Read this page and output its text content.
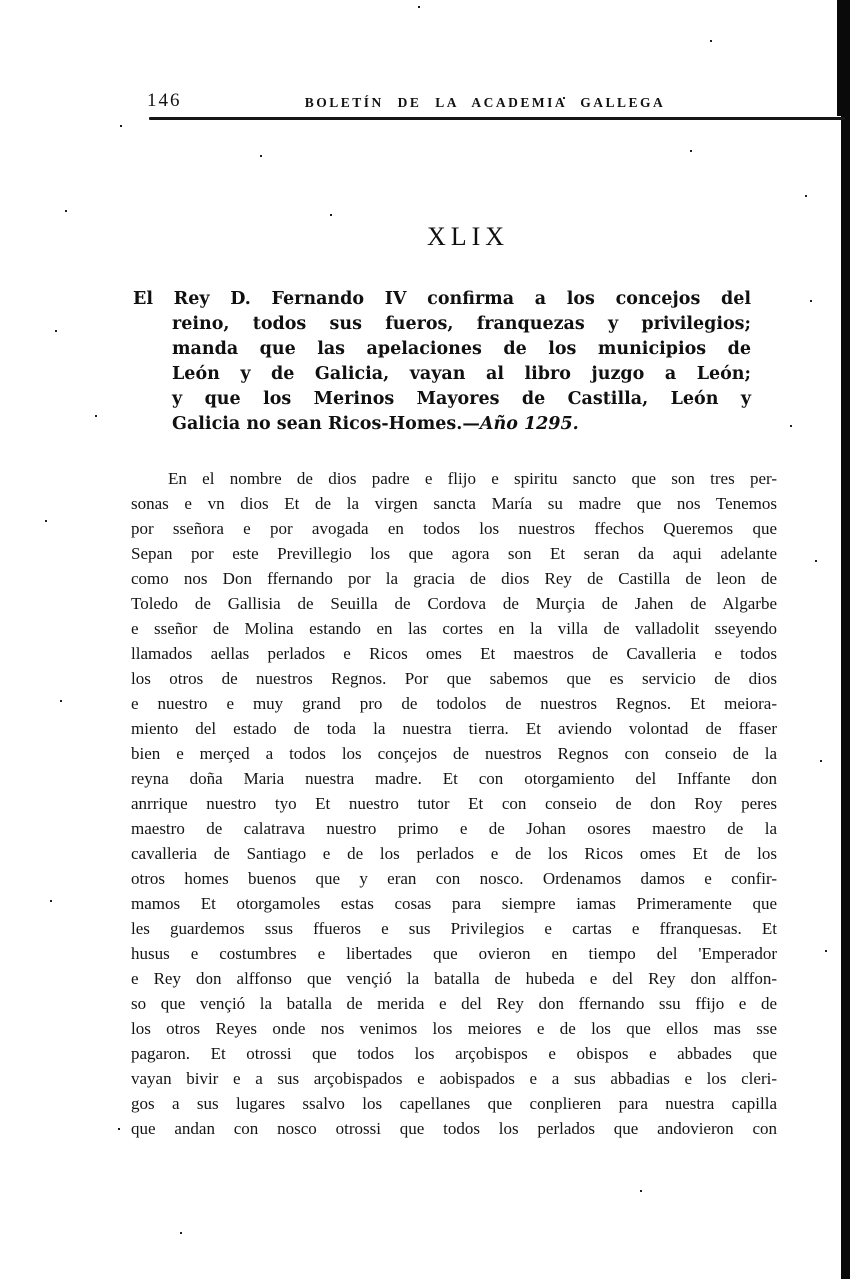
146	BOLETÍN DE LA ACADEMIA GALLEGA
XLIX
El Rey D. Fernando IV confirma a los concejos del
reino, todos sus fueros, franquezas y privilegios;
manda que las apelaciones de los municipios de
León y de Galicia, vayan al libro juzgo a León;
y que los Merinos Mayores de Castilla, León y
Galicia no sean Ricos-Homes.—Año 1295.
En el nombre de dios padre e flijo e spiritu sancto que son tres per-
sonas e vn dios Et de la virgen sancta María su madre que nos Tenemos
por sseñora e por avogada en todos los nuestros ffechos Queremos que
Sepan por este Previllegio los que agora son Et seran da aqui adelante
como nos Don ffernando por la gracia de dios Rey de Castilla de leon de
Toledo de Gallisia de Seuilla de Cordova de Murçia de Jahen de Algarbe
e sseñor de Molina estando en las cortes en la villa de valladolit sseyendo
llamados aellas perlados e Ricos omes Et maestros de Cavalleria e todos
los otros de nuestros Regnos. Por que sabemos que es servicio de dios
e nuestro e muy grand pro de todolos de nuestros Regnos. Et meiora-
miento del estado de toda la nuestra tierra. Et aviendo volontad de ffaser
bien e merçed a todos los conçejos de nuestros Regnos con conseio de la
reyna doña Maria nuestra madre. Et con otorgamiento del Inffante don
anrrique nuestro tyo Et nuestro tutor Et con conseio de don Roy peres
maestro de calatrava nuestro primo e de Johan osores maestro de la
cavalleria de Santiago e de los perlados e de los Ricos omes Et de los
otros homes buenos que y eran con nosco. Ordenamos damos e confir-
mamos Et otorgamoles estas cosas para siempre iamas Primeramente que
les guardemos ssus ffueros e sus Privilegios e cartas e ffranquesas. Et
husus e costumbres e libertades que ovieron en tiempo del 'Emperador
e Rey don alffonso que vençió la batalla de hubeda e del Rey don alffon-
so que vençió la batalla de merida e del Rey don ffernando ssu ffijo e de
los otros Reyes onde nos venimos los meiores e de los que ellos mas sse
pagaron. Et otrossi que todos los arçobispos e obispos e abbades que
vayan bivir e a sus arçobispados e aobispados e a sus abbadias e los cleri-
gos a sus lugares ssalvo los capellanes que conplieren para nuestra capilla
que andan con nosco otrossi que todos los perlados que andovieron con
